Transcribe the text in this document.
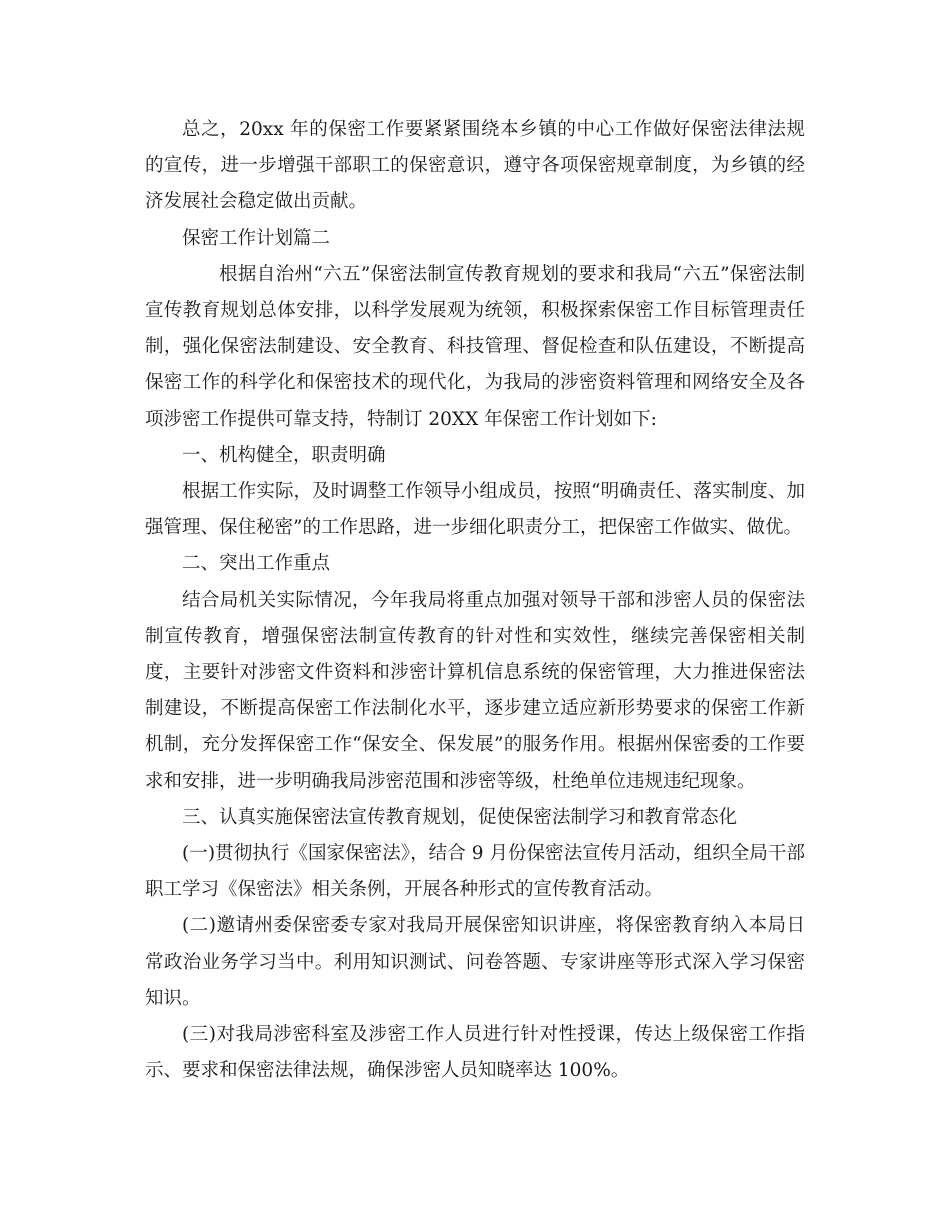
总之，20xx 年的保密工作要紧紧围绕本乡镇的中心工作做好保密法律法规的宣传，进一步增强干部职工的保密意识，遵守各项保密规章制度，为乡镇的经济发展社会稳定做出贡献。

保密工作计划篇二

根据自治州“六五”保密法制宣传教育规划的要求和我局“六五”保密法制宣传教育规划总体安排，以科学发展观为统领，积极探索保密工作目标管理责任制，强化保密法制建设、安全教育、科技管理、督促检查和队伍建设，不断提高保密工作的科学化和保密技术的现代化，为我局的涉密资料管理和网络安全及各项涉密工作提供可靠支持，特制订 20XX 年保密工作计划如下:

一、机构健全，职责明确

根据工作实际，及时调整工作领导小组成员，按照“明确责任、落实制度、加强管理、保住秘密”的工作思路，进一步细化职责分工，把保密工作做实、做优。

二、突出工作重点

结合局机关实际情况，今年我局将重点加强对领导干部和涉密人员的保密法制宣传教育，增强保密法制宣传教育的针对性和实效性，继续完善保密相关制度，主要针对涉密文件资料和涉密计算机信息系统的保密管理，大力推进保密法制建设，不断提高保密工作法制化水平，逐步建立适应新形势要求的保密工作新机制，充分发挥保密工作“保安全、保发展”的服务作用。根据州保密委的工作要求和安排，进一步明确我局涉密范围和涉密等级，杜绝单位违规违纪现象。

三、认真实施保密法宣传教育规划，促使保密法制学习和教育常态化

(一)贯彻执行《国家保密法》，结合 9 月份保密法宣传月活动，组织全局干部职工学习《保密法》相关条例，开展各种形式的宣传教育活动。

(二)邀请州委保密委专家对我局开展保密知识讲座，将保密教育纳入本局日常政治业务学习当中。利用知识测试、问卷答题、专家讲座等形式深入学习保密知识。

(三)对我局涉密科室及涉密工作人员进行针对性授课，传达上级保密工作指示、要求和保密法律法规，确保涉密人员知晓率达 100%。
